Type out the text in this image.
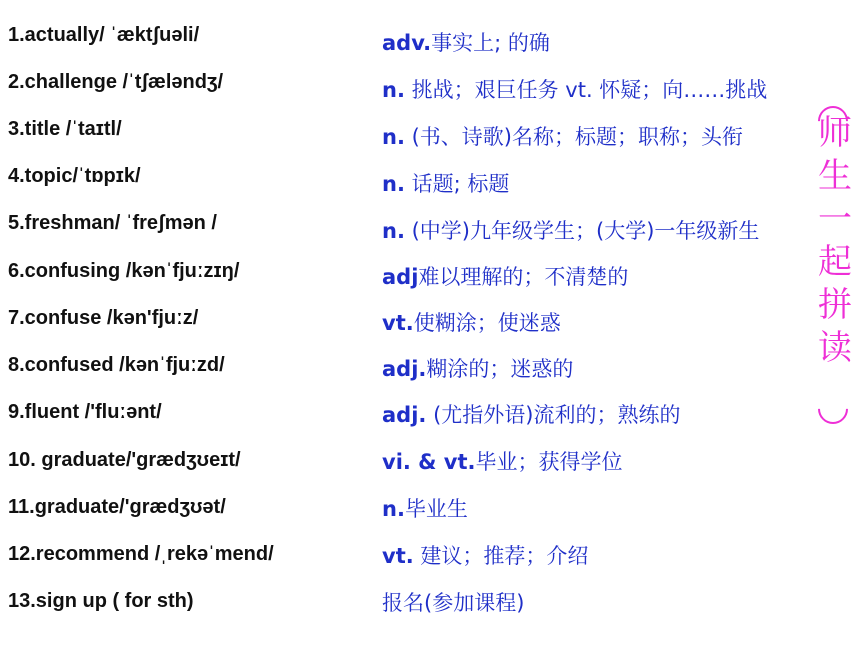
1.actually/ ˈæktʃuəli/	adv.事实上; 的确
2.challenge /ˈtʃæləndʒ/	n. 挑战；艰巨任务 vt. 怀疑；向……挑战
3.title /ˈtaɪtl/	n. (书、诗歌)名称；标题；职称；头衔
4.topic/ˈtɒpɪk/	n. 话题; 标题
5.freshman/ ˈfreʃmən /	n. (中学)九年级学生；(大学)一年级新生
6.confusing /kənˈfjuːzɪŋ/	adj难以理解的；不清楚的
7.confuse /kən'fjuːz/	vt.使糊涂；使迷惑
8.confused /kənˈfjuːzd/	adj.糊涂的；迷惑的
9.fluent /'fluːənt/	adj. (尤指外语)流利的；熟练的
10. graduate/'grædʒʊeɪt/	vi. & vt.毕业；获得学位
11.graduate/'grædʒʊət/	n.毕业生
12.recommend /ˌrekəˈmend/	vt. 建议；推荐；介绍
13.sign up ( for sth)	报名(参加课程)
师
生
一
起
拼
读
